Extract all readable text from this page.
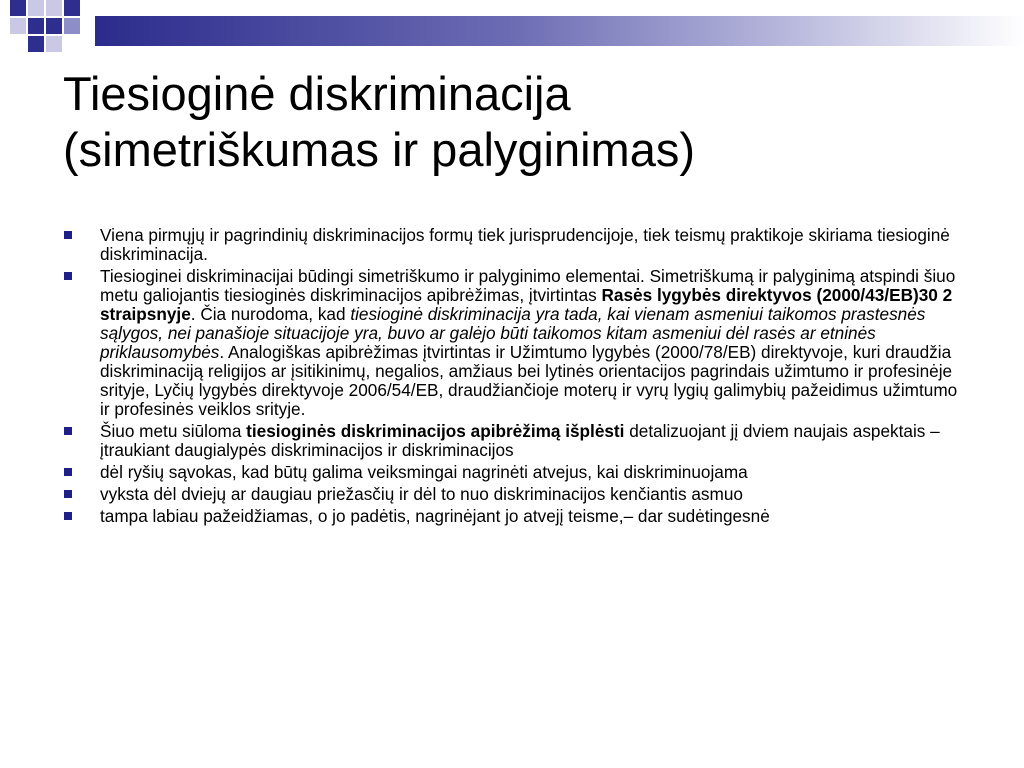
Tiesioginė diskriminacija
(simetriškumas ir palyginimas)
Viena pirmųjų ir pagrindinių diskriminacijos formų tiek jurisprudencijoje, tiek teismų praktikoje skiriama tiesioginė diskriminacija.
Tiesioginei diskriminacijai būdingi simetriškumo ir palyginimo elementai. Simetriškumą ir palyginimą atspindi šiuo metu galiojantis tiesioginės diskriminacijos apibrėžimas, įtvirtintas Rasės lygybės direktyvos (2000/43/EB)30 2 straipsnyje. Čia nurodoma, kad tiesioginė diskriminacija yra tada, kai vienam asmeniui taikomos prastesnės sąlygos, nei panašioje situacijoje yra, buvo ar galėjo būti taikomos kitam asmeniui dėl rasės ar etninės priklausomybės. Analogiškas apibrėžimas įtvirtintas ir Užimtumo lygybės (2000/78/EB) direktyvoje, kuri draudžia diskriminaciją religijos ar įsitikinimų, negalios, amžiaus bei lytinės orientacijos pagrindais užimtumo ir profesinėje srityje, Lyčių lygybės direktyvoje 2006/54/EB, draudžiančioje moterų ir vyrų lygių galimybių pažeidimus užimtumo ir profesinės veiklos srityje.
Šiuo metu siūloma tiesioginės diskriminacijos apibrėžimą išplėsti detalizuojant jį dviem naujais aspektais – įtraukiant daugialypės diskriminacijos ir diskriminacijos
dėl ryšių sąvokas, kad būtų galima veiksmingai nagrinėti atvejus, kai diskriminuojama
vyksta dėl dviejų ar daugiau priežasčių ir dėl to nuo diskriminacijos kenčiantis asmuo
tampa labiau pažeidžiamas, o jo padėtis, nagrinėjant jo atvejį teisme,– dar sudėtingesnė
